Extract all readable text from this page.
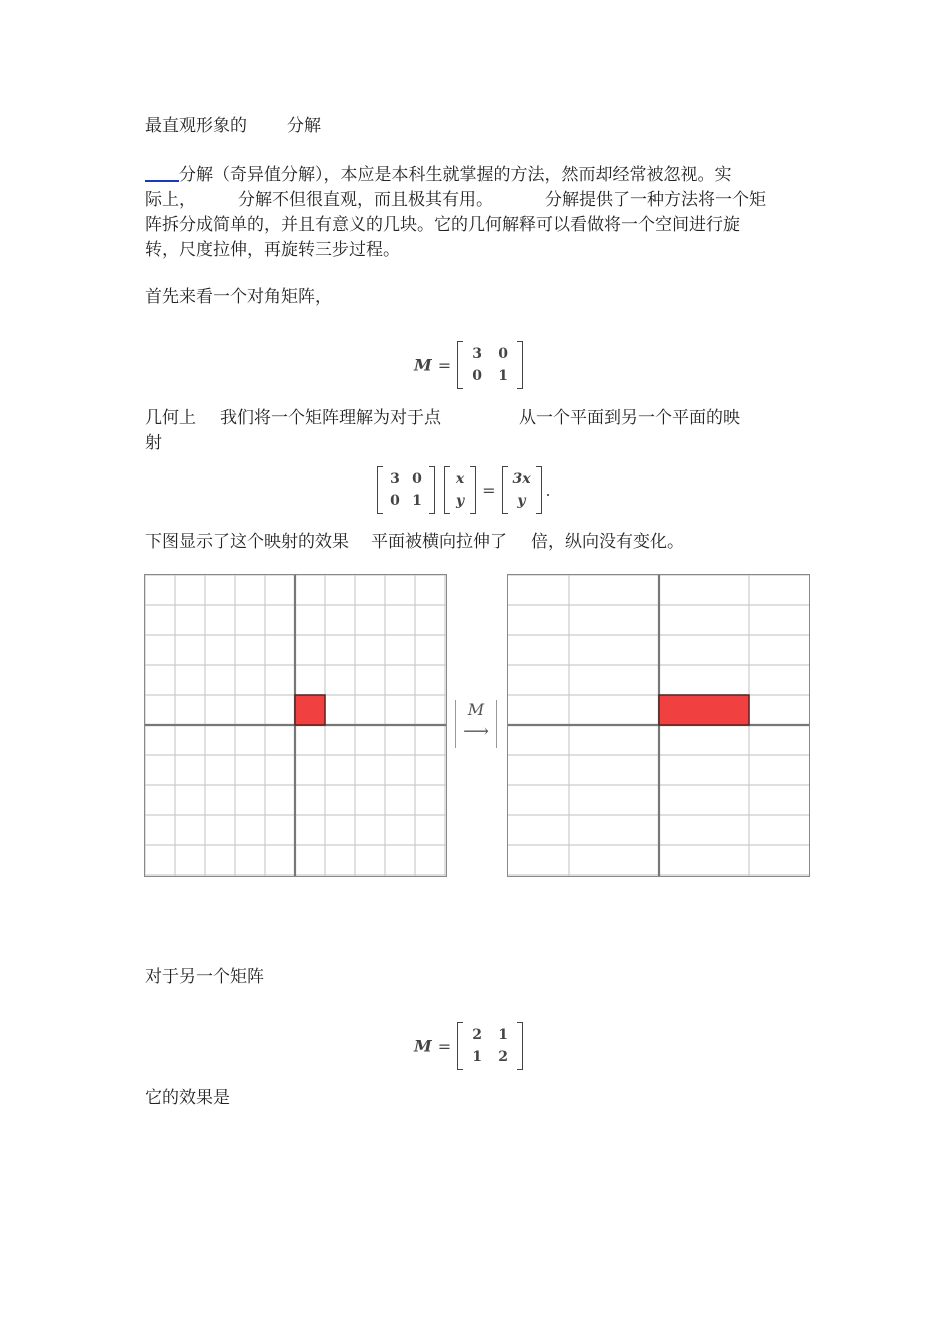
最直观形象的 分解
分解（奇异值分解），本应是本科生就掌握的方法，然而却经常被忽视。实
际上， 分解不但很直观，而且极其有用。	分解提供了一种方法将一个矩
阵拆分成简单的，并且有意义的几块。它的几何解释可以看做将一个空间进行旋
转，尺度拉伸，再旋转三步过程。
首先来看一个对角矩阵，
M =
3	0
0	1
几何上 我们将一个矩阵理解为对于点	从一个平面到另一个平面的映
射
3 0
0 1

x
y
=
3x
y
.
下图显示了这个映射的效果 平面被横向拉伸了 倍，纵向没有变化。
M
⟶
对于另一个矩阵
M =
2	1
1	2
它的效果是
